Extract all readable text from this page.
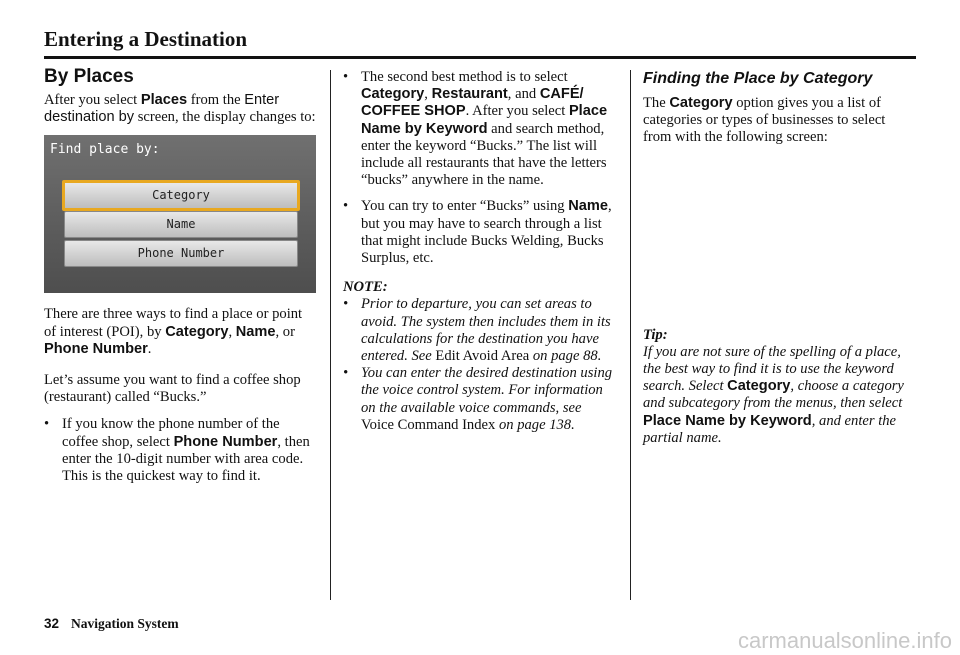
Entering a Destination
By Places

After you select Places from the Enter destination by screen, the display changes to:

Find place by:
Category
Name
Phone Number

There are three ways to find a place or point of interest (POI), by Category, Name, or Phone Number.

Let’s assume you want to find a coffee shop (restaurant) called “Bucks.”

• If you know the phone number of the coffee shop, select Phone Number, then enter the 10-digit number with area code. This is the quickest way to find it.
• The second best method is to select Category, Restaurant, and CAFÉ/ COFFEE SHOP. After you select Place Name by Keyword and search method, enter the keyword “Bucks.” The list will include all restaurants that have the letters “bucks” anywhere in the name.
• You can try to enter “Bucks” using Name, but you may have to search through a list that might include Bucks Welding, Bucks Surplus, etc.

NOTE:

• Prior to departure, you can set areas to avoid. The system then includes them in its calculations for the destination you have entered. See Edit Avoid Area on page 88.
• You can enter the desired destination using the voice control system. For information on the available voice commands, see Voice Command Index on page 138.
Finding the Place by Category

The Category option gives you a list of categories or types of businesses to select from with the following screen:

Tip:

If you are not sure of the spelling of a place, the best way to find it is to use the keyword search. Select Category, choose a category and subcategory from the menus, then select Place Name by Keyword, and enter the partial name.

32 Navigation System
carmanualsonline.info
